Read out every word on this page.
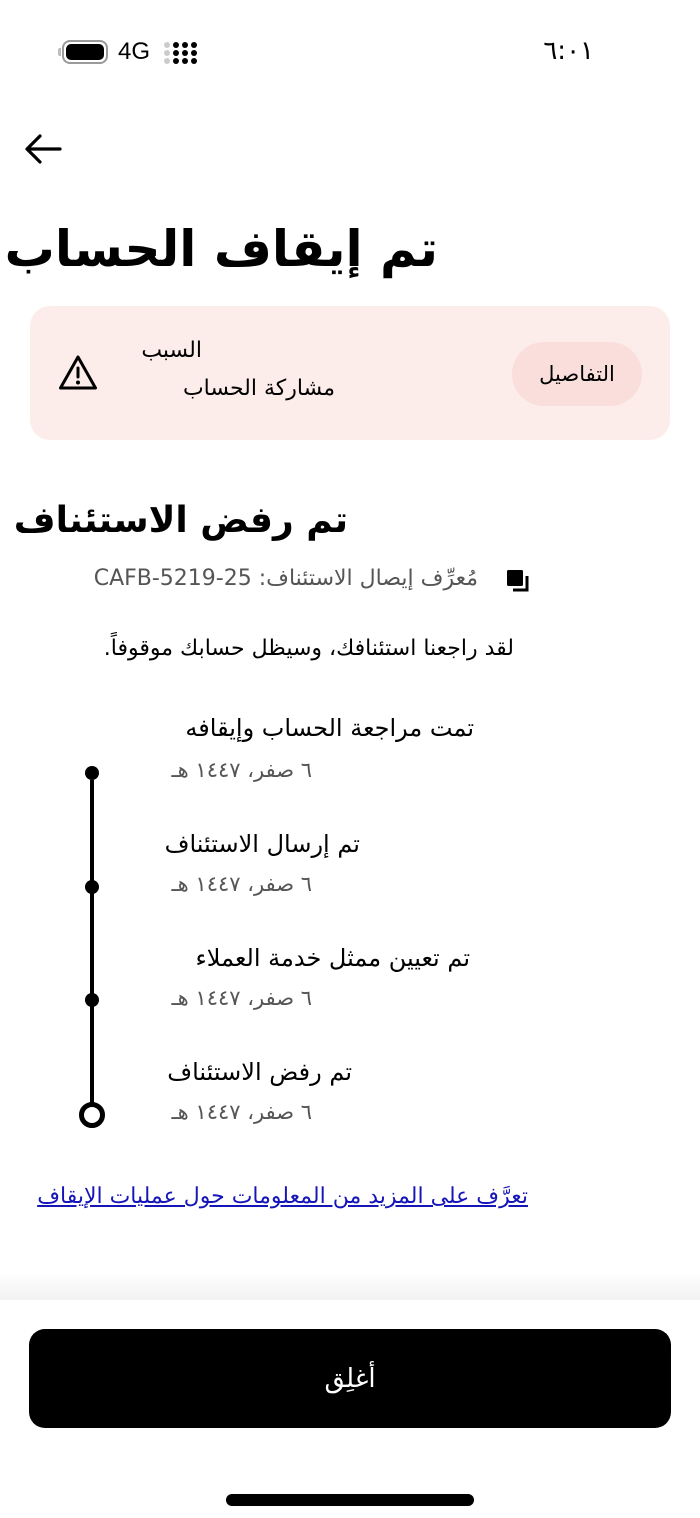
4G	٦:٠١
تم إيقاف الحساب
التفاصيل
السبب
مشاركة الحساب
تم رفض الاستئناف
مُعرِّف إيصال الاستئناف: CAFB-5219-25

لقد راجعنا استئنافك، وسيظل حسابك موقوفاً.

تمت مراجعة الحساب وإيقافه
٦ صفر، ١٤٤٧ هـ
تم إرسال الاستئناف
٦ صفر، ١٤٤٧ هـ
تم تعيين ممثل خدمة العملاء
٦ صفر، ١٤٤٧ هـ
تم رفض الاستئناف
٦ صفر، ١٤٤٧ هـ
تعرَّف على المزيد من المعلومات حول عمليات الإيقاف
أغلِق
